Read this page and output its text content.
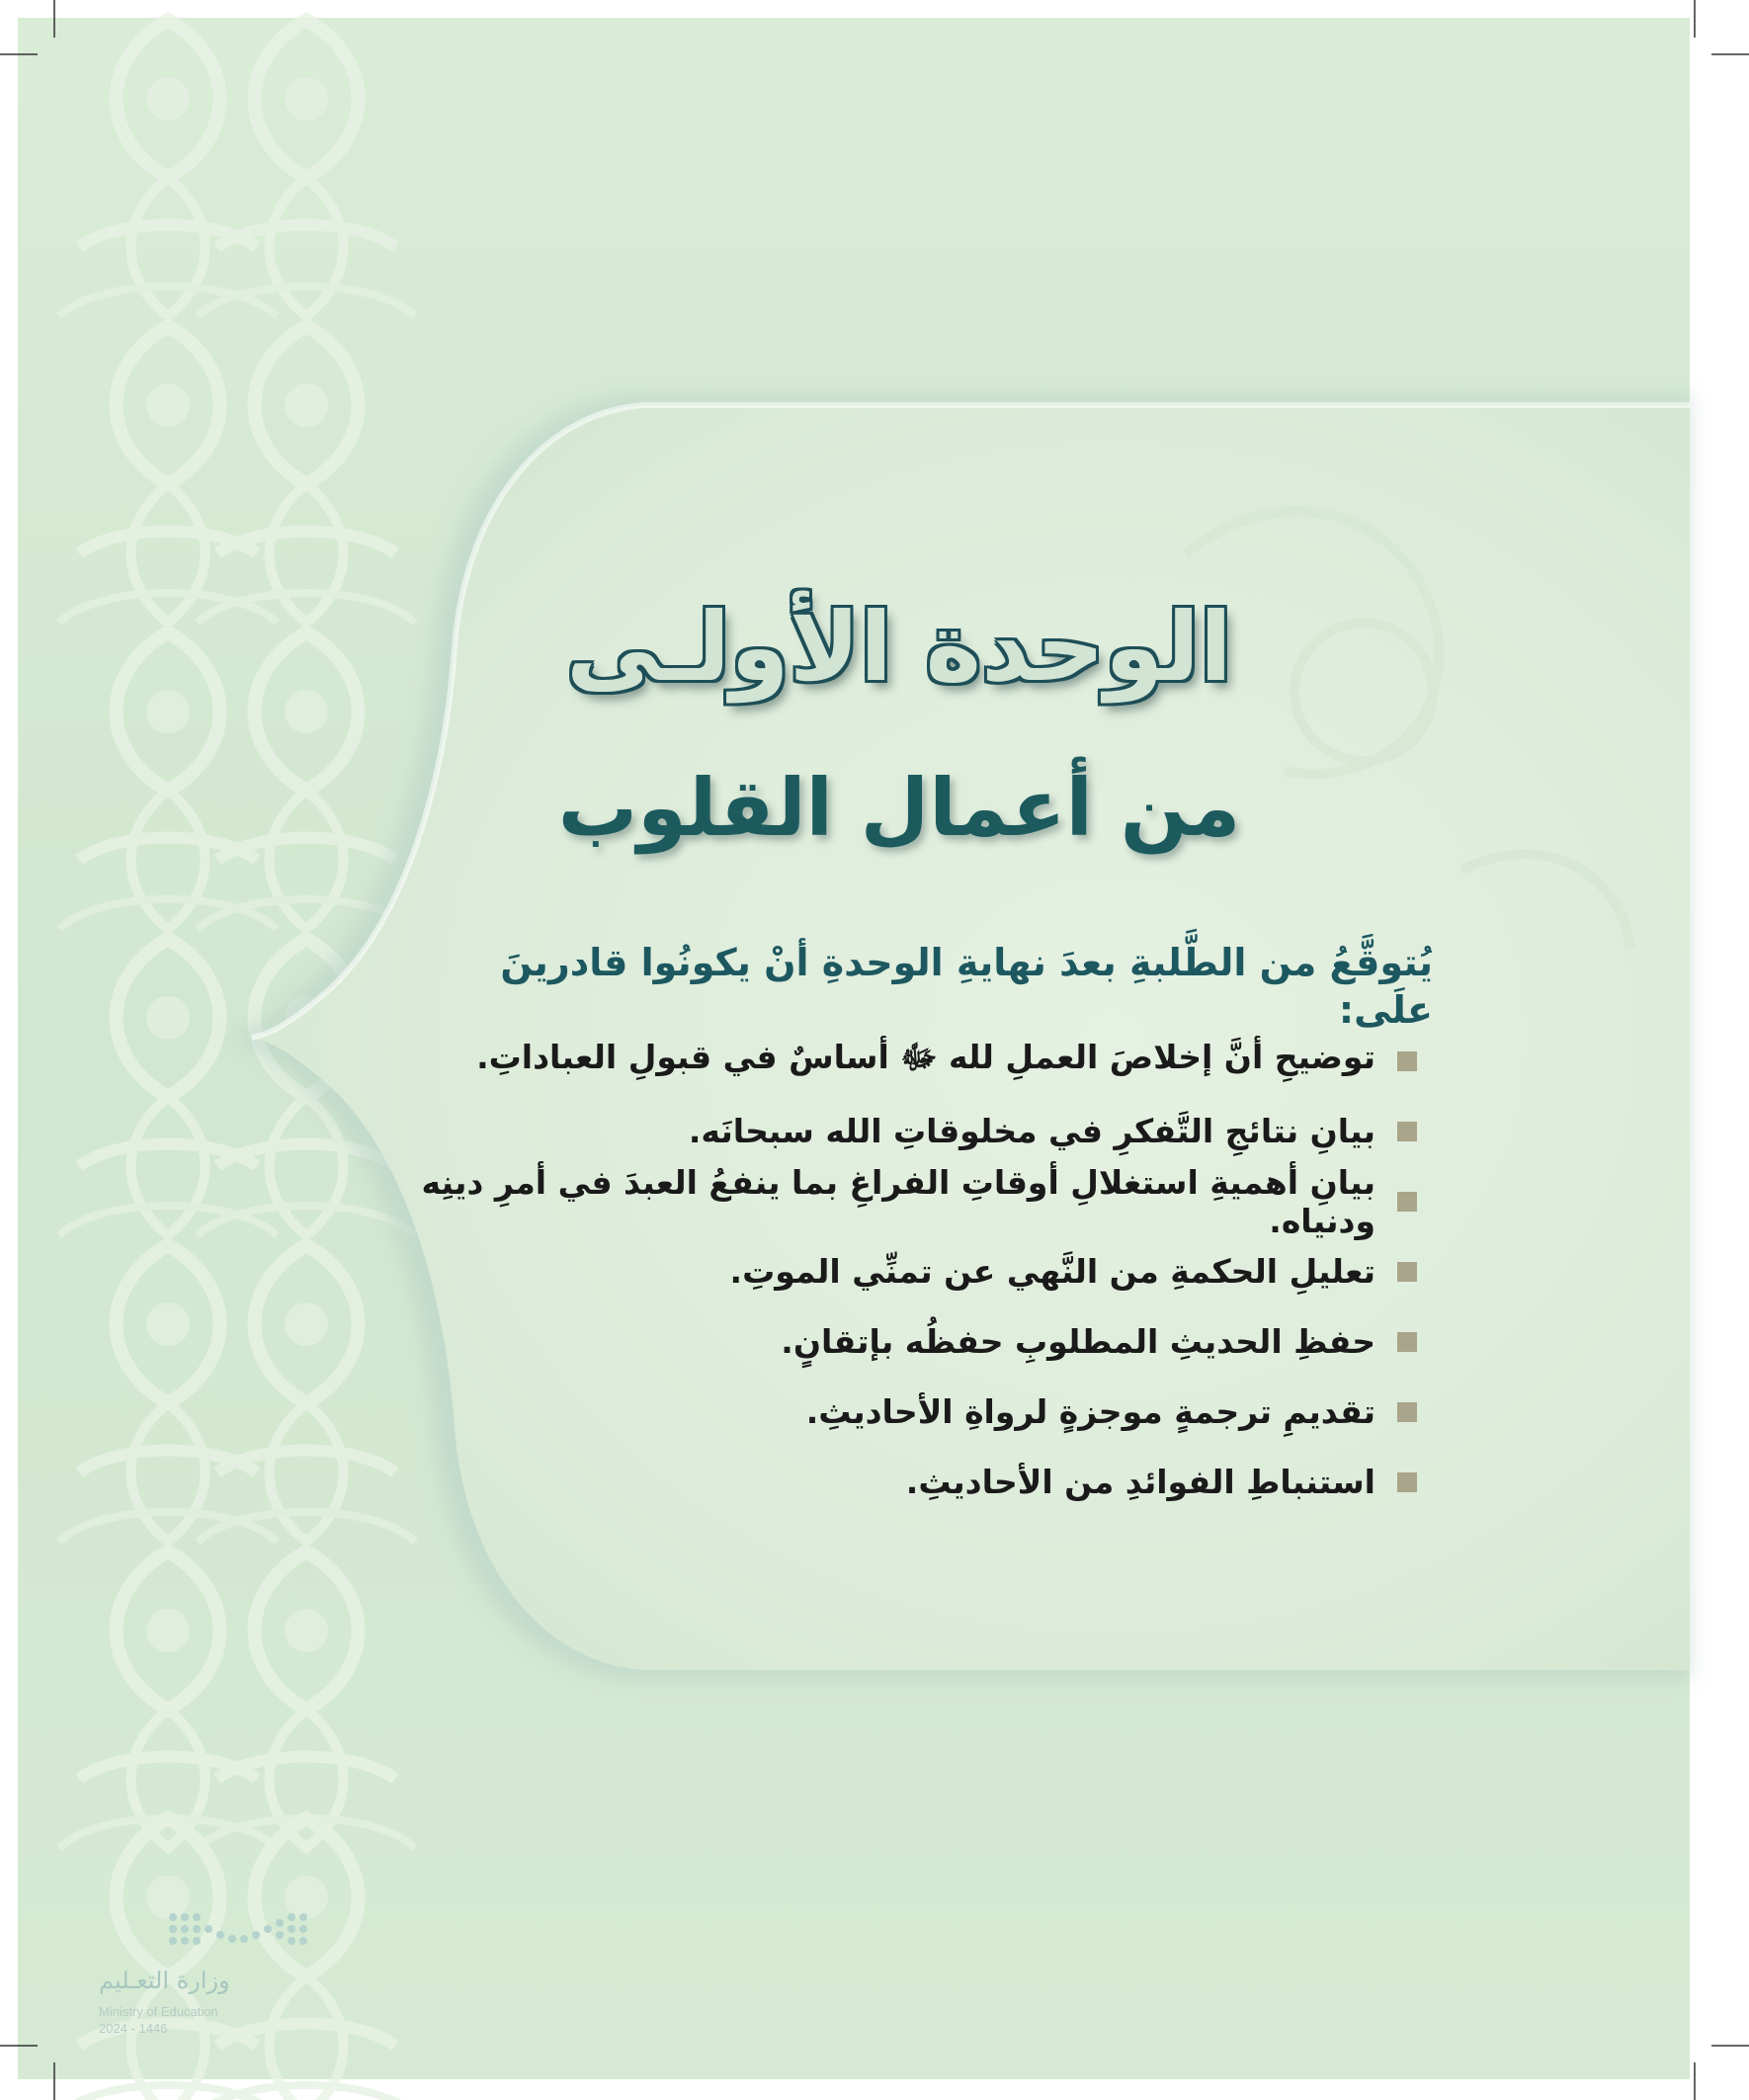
الوحدة الأولـى
من أعمال القلوب
يُتوقَّعُ من الطَّلبةِ بعدَ نهايةِ الوحدةِ أنْ يكونُوا قادرينَ علَى:
توضيحِ أنَّ إخلاصَ العملِ لله ﷻ أساسٌ في قبولِ العباداتِ.
بيانِ نتائجِ التَّفكرِ في مخلوقاتِ الله سبحانَه.
بيانِ أهميةِ استغلالِ أوقاتِ الفراغِ بما ينفعُ العبدَ في أمرِ دينِه ودنياه.
تعليلِ الحكمةِ من النَّهي عن تمنِّي الموتِ.
حفظِ الحديثِ المطلوبِ حفظُه بإتقانٍ.
تقديمِ ترجمةٍ موجزةٍ لرواةِ الأحاديثِ.
استنباطِ الفوائدِ من الأحاديثِ.
وزارة التعـليم
Ministry of Education
2024 - 1446
